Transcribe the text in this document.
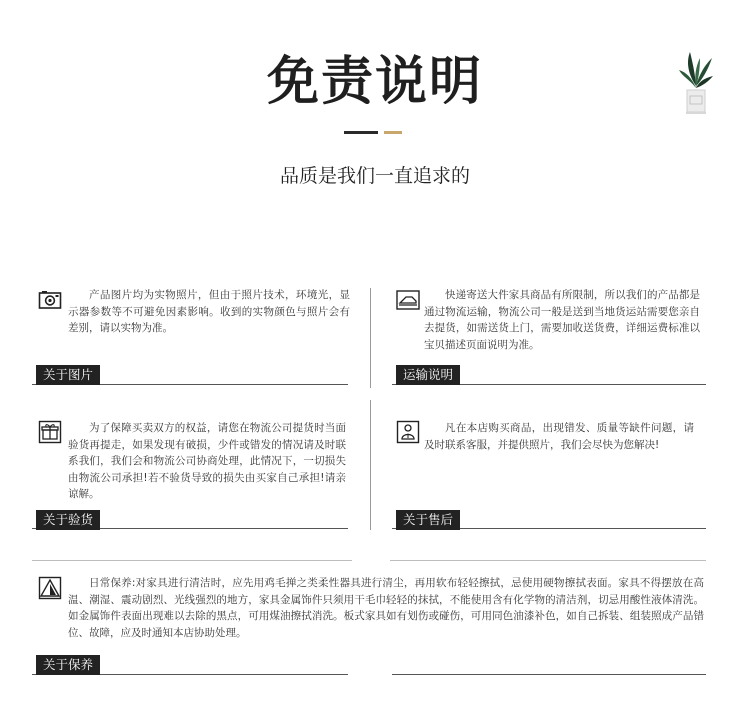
免责说明
品质是我们一直追求的

产品图片均为实物照片，但由于照片技术，环境光，显示器参数等不可避免因素影响。收到的实物颜色与照片会有差别，请以实物为准。

关于图片

快递寄送大件家具商品有所限制，所以我们的产品都是通过物流运输，物流公司一般是送到当地货运站需要您亲自去提货，如需送货上门，需要加收送货费，详细运费标准以宝贝描述页面说明为准。

运输说明

为了保障买卖双方的权益，请您在物流公司提货时当面验货再提走，如果发现有破损，少件或错发的情况请及时联系我们，我们会和物流公司协商处理，此情况下，一切损失由物流公司承担!若不验货导致的损失由买家自己承担!请亲谅解。

关于验货

凡在本店购买商品，出现错发、质量等缺件问题，请及时联系客服，并提供照片，我们会尽快为您解决!

关于售后

日常保养:对家具进行清洁时，应先用鸡毛掸之类柔性器具进行清尘，再用软布轻轻擦拭，忌使用硬物擦拭表面。家具不得摆放在高温、潮湿、震动剧烈、光线强烈的地方，家具金属饰件只须用干毛巾轻轻的抹拭，不能使用含有化学物的清洁剂，切忌用酸性液体清洗。如金属饰件表面出现难以去除的黑点，可用煤油擦拭消洗。板式家具如有划伤或碰伤，可用同色油漆补色，如自己拆装、组装照成产品错位、故障，应及时通知本店协助处理。

关于保养
